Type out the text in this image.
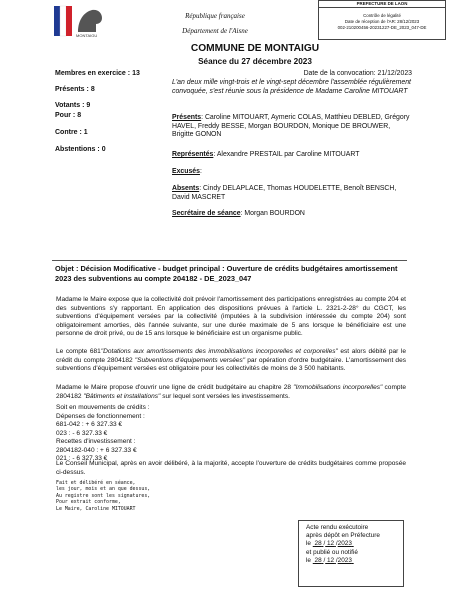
MONTAIGU
République française
Département de l'Aisne
PREFECTURE DE LAON
Contrôle de légalité
Date de réception de l'AR: 28/12/2023
002-210200456-20231227-DE_2023_047-DE
COMMUNE DE MONTAIGU
Séance du 27 décembre 2023
Membres en exercice : 13
Présents : 8
Votants : 9
Pour : 8
Contre : 1
Abstentions : 0
Date de la convocation: 21/12/2023
L'an deux mille vingt-trois et le vingt-sept décembre l'assemblée régulièrement convoquée, s'est réunie sous la présidence de Madame Caroline MITOUART
Présents: Caroline MITOUART, Aymeric COLAS, Matthieu DEBLED, Grégory HAVEL, Freddy BESSE, Morgan BOURDON, Monique DE BROUWER, Brigitte GONON
Représentés: Alexandre PRESTAIL par Caroline MITOUART
Excusés:
Absents: Cindy DELAPLACE, Thomas HOUDELETTE, Benoît BENSCH, David MASCRET
Secrétaire de séance: Morgan BOURDON
Objet : Décision Modificative - budget principal : Ouverture de crédits budgétaires amortissement 2023 des subventions au compte 204182 - DE_2023_047
Madame le Maire expose que la collectivité doit prévoir l'amortissement des participations enregistrées au compte 204 et des subventions s'y rapportant. En application des dispositions prévues à l'article L. 2321-2-28° du CGCT, les subventions d'équipement versées par la collectivité (imputées à la subdivision intéressée du compte 204) sont obligatoirement amorties, dès l'année suivante, sur une durée maximale de 5 ans lorsque le bénéficiaire est une personne de droit privé, ou de 15 ans lorsque le bénéficiaire est un organisme public.
Le compte 681"Dotations aux amortissements des immobilisations incorporelles et corporelles" est alors débité par le crédit du compte 2804182 "Subventions d'équipements versées" par opération d'ordre budgétaire. L'amortissement des subventions d'équipement versées est obligatoire pour les collectivités de moins de 3 500 habitants.
Madame le Maire propose d'ouvrir une ligne de crédit budgétaire au chapitre 28 "Immobilisations incorporelles" compte 2804182 "Bâtiments et installations" sur lequel sont versées les investissements.
Soit en mouvements de crédits :
Dépenses de fonctionnement :
681-042 : + 6 327.33 €
023 : - 6 327.33 €
Recettes d'investissement :
2804182-040 : + 6 327.33 €
021 : - 6 327.33 €
Le Conseil Municipal, après en avoir délibéré, à la majorité, accepte l'ouverture de crédits budgétaires comme proposée ci-dessus.
Fait et délibéré en séance,
les jour, mois et an que dessus,
Au registre sont les signatures,
Pour extrait conforme,
Le Maire, Caroline MITOUART
Acte rendu exécutoire
après dépôt en Préfecture
le 28 / 12 /2023
et publié ou notifié
le 28 / 12 /2023
